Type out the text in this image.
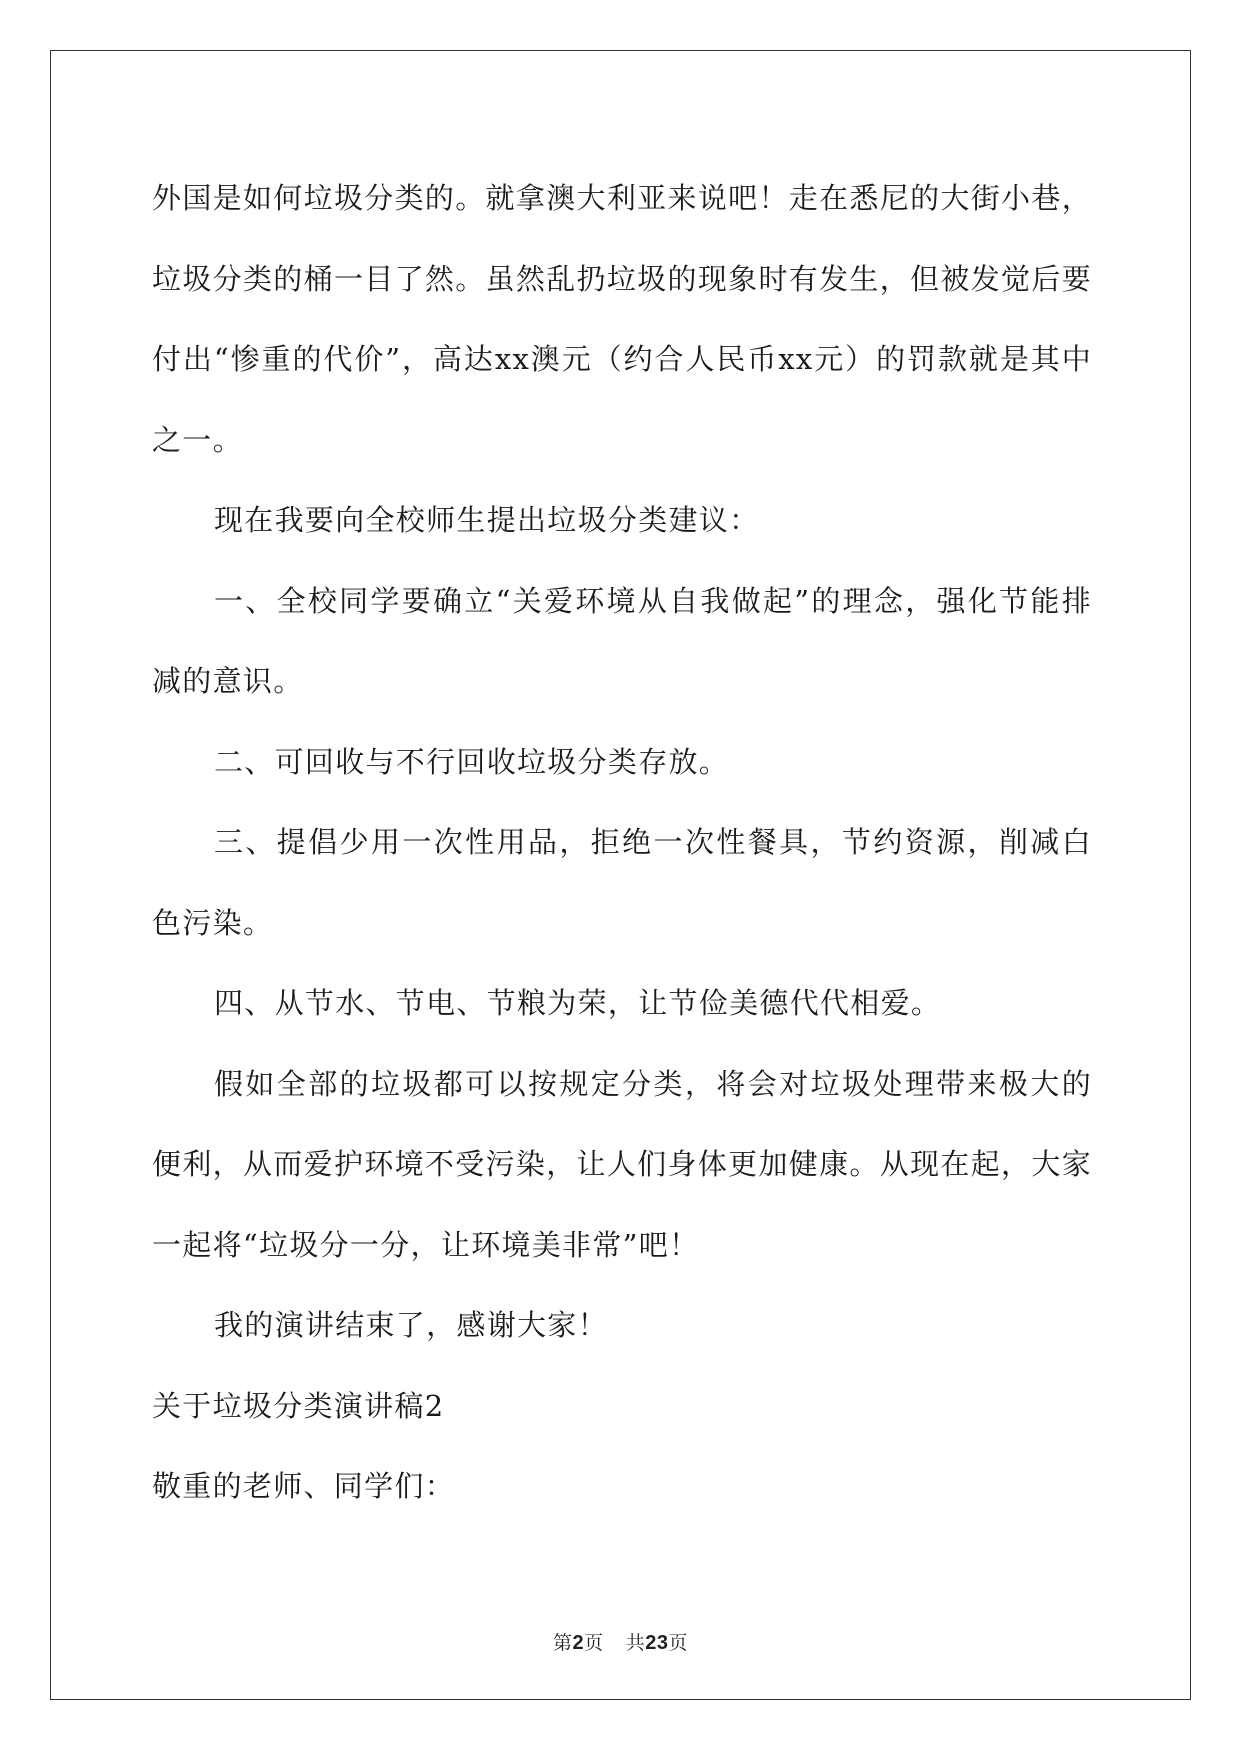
外国是如何垃圾分类的。就拿澳大利亚来说吧！走在悉尼的大街小巷，垃圾分类的桶一目了然。虽然乱扔垃圾的现象时有发生，但被发觉后要付出“惨重的代价”，高达xx澳元（约合人民币xx元）的罚款就是其中之一。

现在我要向全校师生提出垃圾分类建议：

一、全校同学要确立“关爱环境从自我做起”的理念，强化节能排减的意识。

二、可回收与不行回收垃圾分类存放。

三、提倡少用一次性用品，拒绝一次性餐具，节约资源，削减白色污染。

四、从节水、节电、节粮为荣，让节俭美德代代相爱。

假如全部的垃圾都可以按规定分类，将会对垃圾处理带来极大的便利，从而爱护环境不受污染，让人们身体更加健康。从现在起，大家一起将“垃圾分一分，让环境美非常”吧！

我的演讲结束了，感谢大家！

关于垃圾分类演讲稿2

敬重的老师、同学们：

第2页 共23页
